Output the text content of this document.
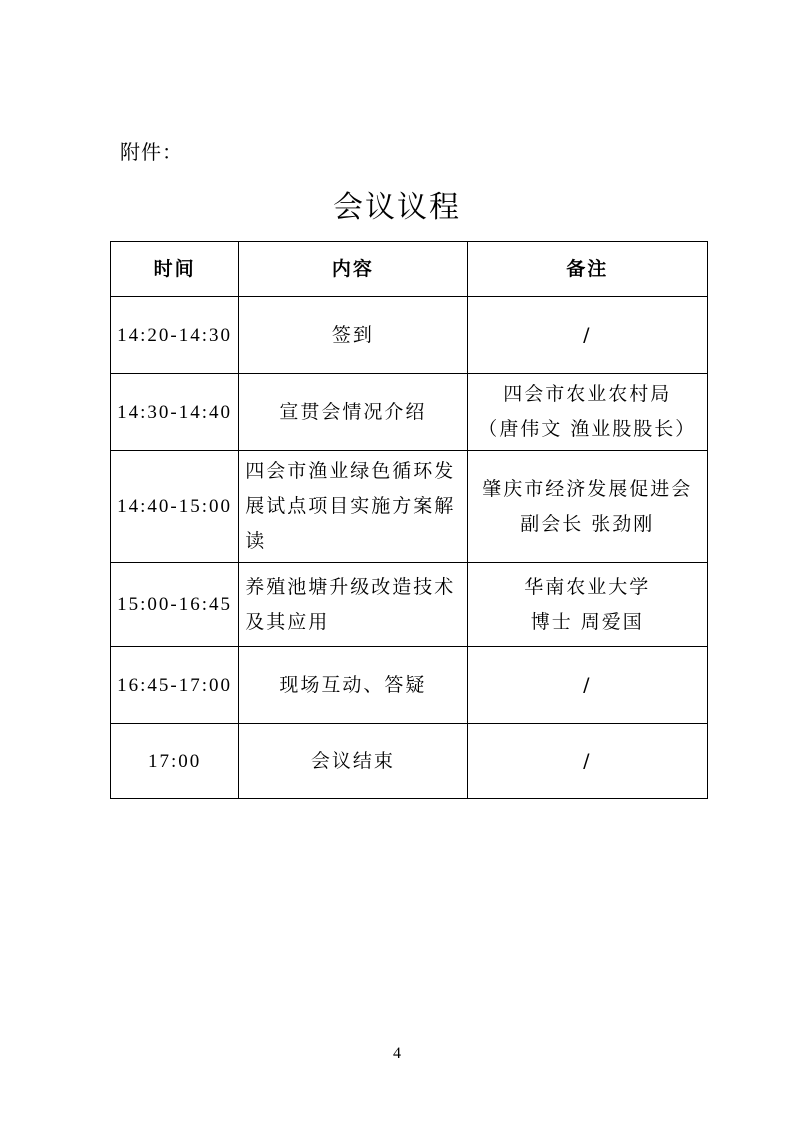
附件：
会议议程
时间	内容	备注
14:20-14:30	签到	/

14:30-14:40	宣贯会情况介绍	四会市农业农村局
（唐伟文 渔业股股长）

14:40-15:00	四会市渔业绿色循环发展试点项目实施方案解读	肇庆市经济发展促进会
副会长 张劲刚

15:00-16:45	养殖池塘升级改造技术及其应用	华南农业大学
博士 周爱国

16:45-17:00	现场互动、答疑	/

17:00	会议结束	/
4
